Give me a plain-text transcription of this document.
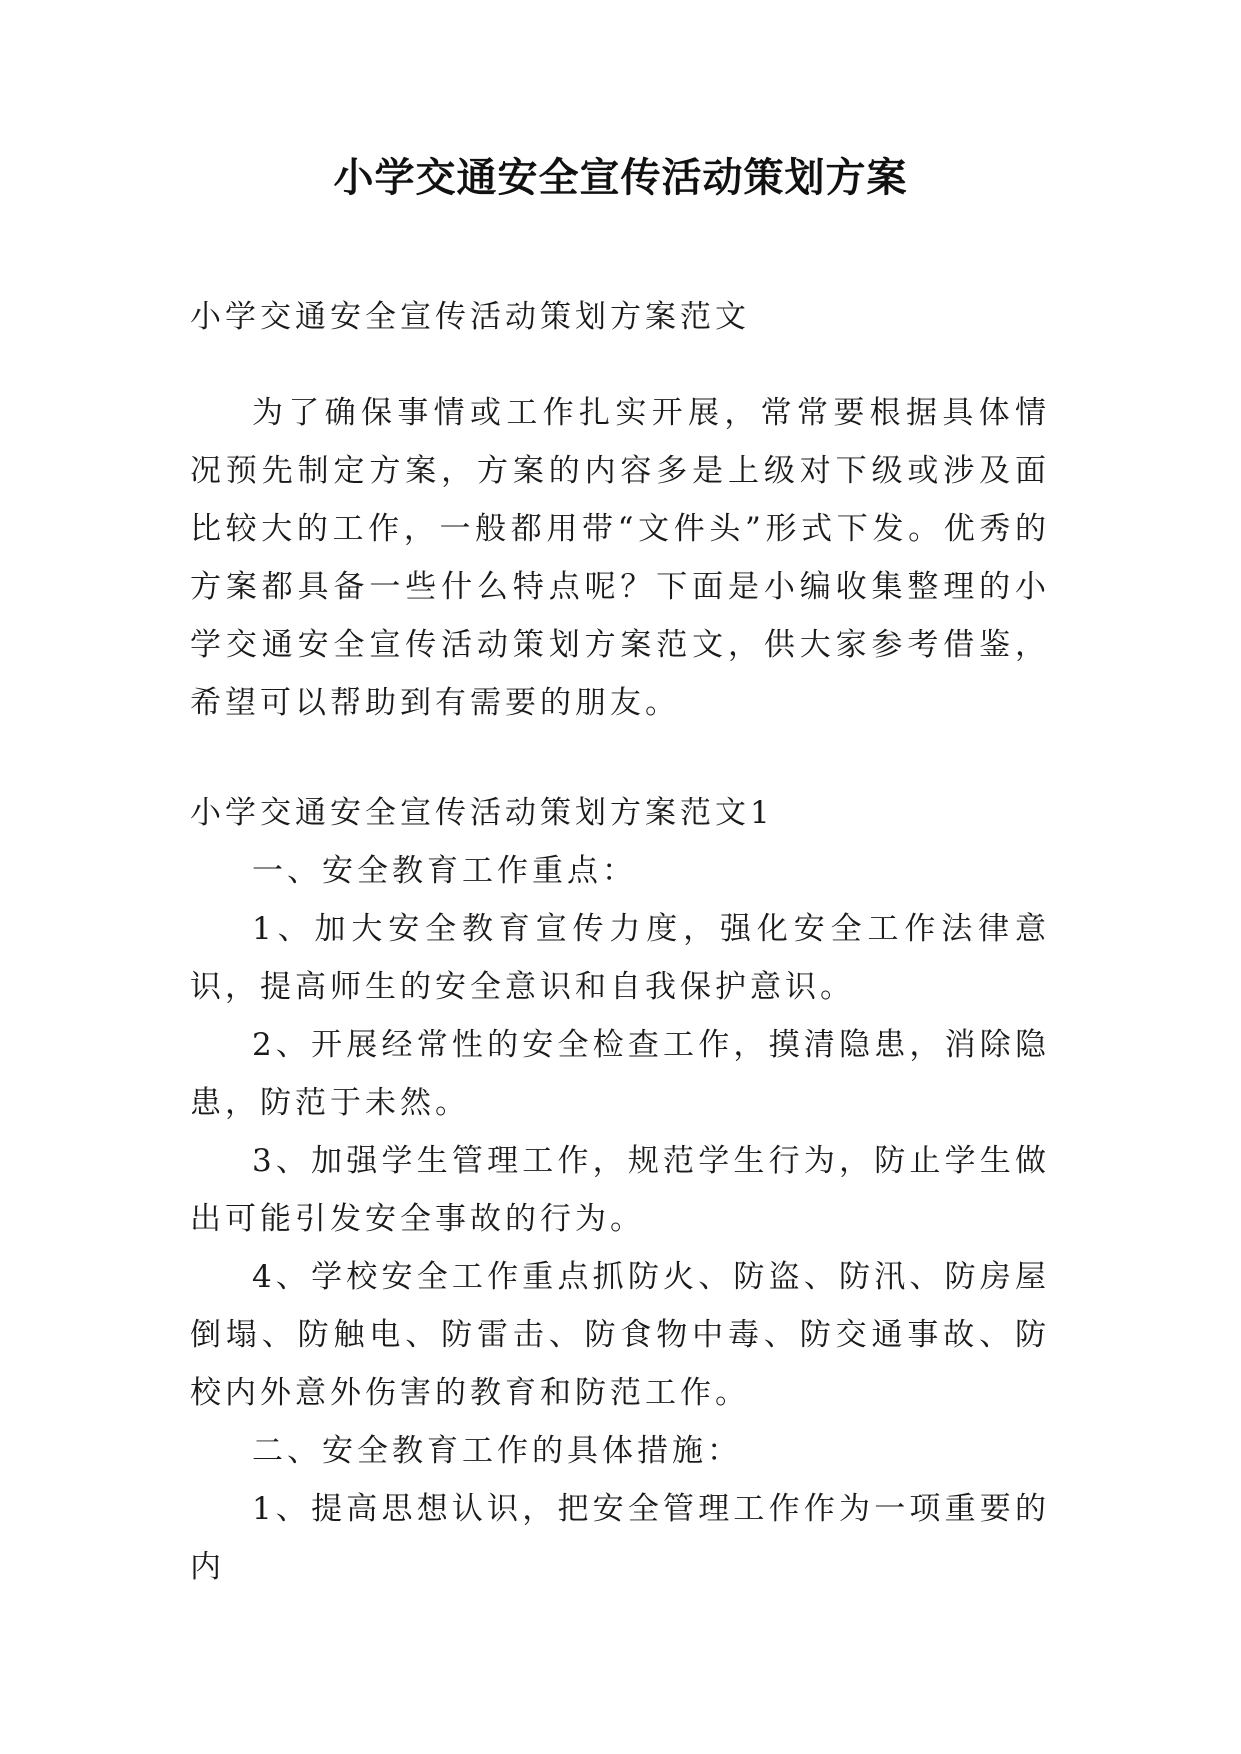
小学交通安全宣传活动策划方案

小学交通安全宣传活动策划方案范文

为了确保事情或工作扎实开展，常常要根据具体情况预先制定方案，方案的内容多是上级对下级或涉及面比较大的工作，一般都用带“文件头”形式下发。优秀的方案都具备一些什么特点呢？下面是小编收集整理的小学交通安全宣传活动策划方案范文，供大家参考借鉴，希望可以帮助到有需要的朋友。

小学交通安全宣传活动策划方案范文1

一、安全教育工作重点：

1、加大安全教育宣传力度，强化安全工作法律意识，提高师生的安全意识和自我保护意识。

2、开展经常性的安全检查工作，摸清隐患，消除隐患，防范于未然。

3、加强学生管理工作，规范学生行为，防止学生做出可能引发安全事故的行为。

4、学校安全工作重点抓防火、防盗、防汛、防房屋倒塌、防触电、防雷击、防食物中毒、防交通事故、防校内外意外伤害的教育和防范工作。

二、安全教育工作的具体措施：

1、提高思想认识，把安全管理工作作为一项重要的内
